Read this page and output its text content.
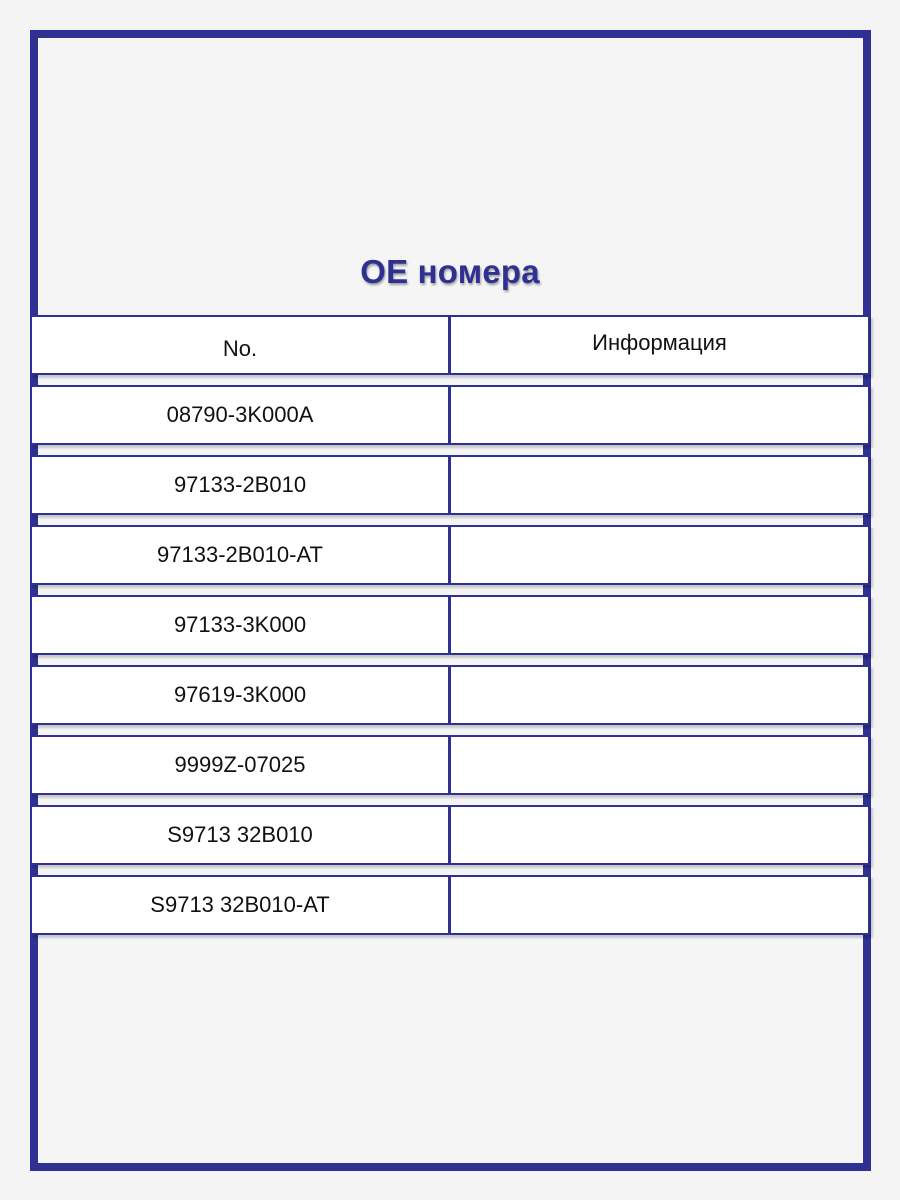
OE номера
No.	Информация
08790-3K000A
97133-2B010
97133-2B010-AT
97133-3K000
97619-3K000
9999Z-07025
S9713 32B010
S9713 32B010-AT
